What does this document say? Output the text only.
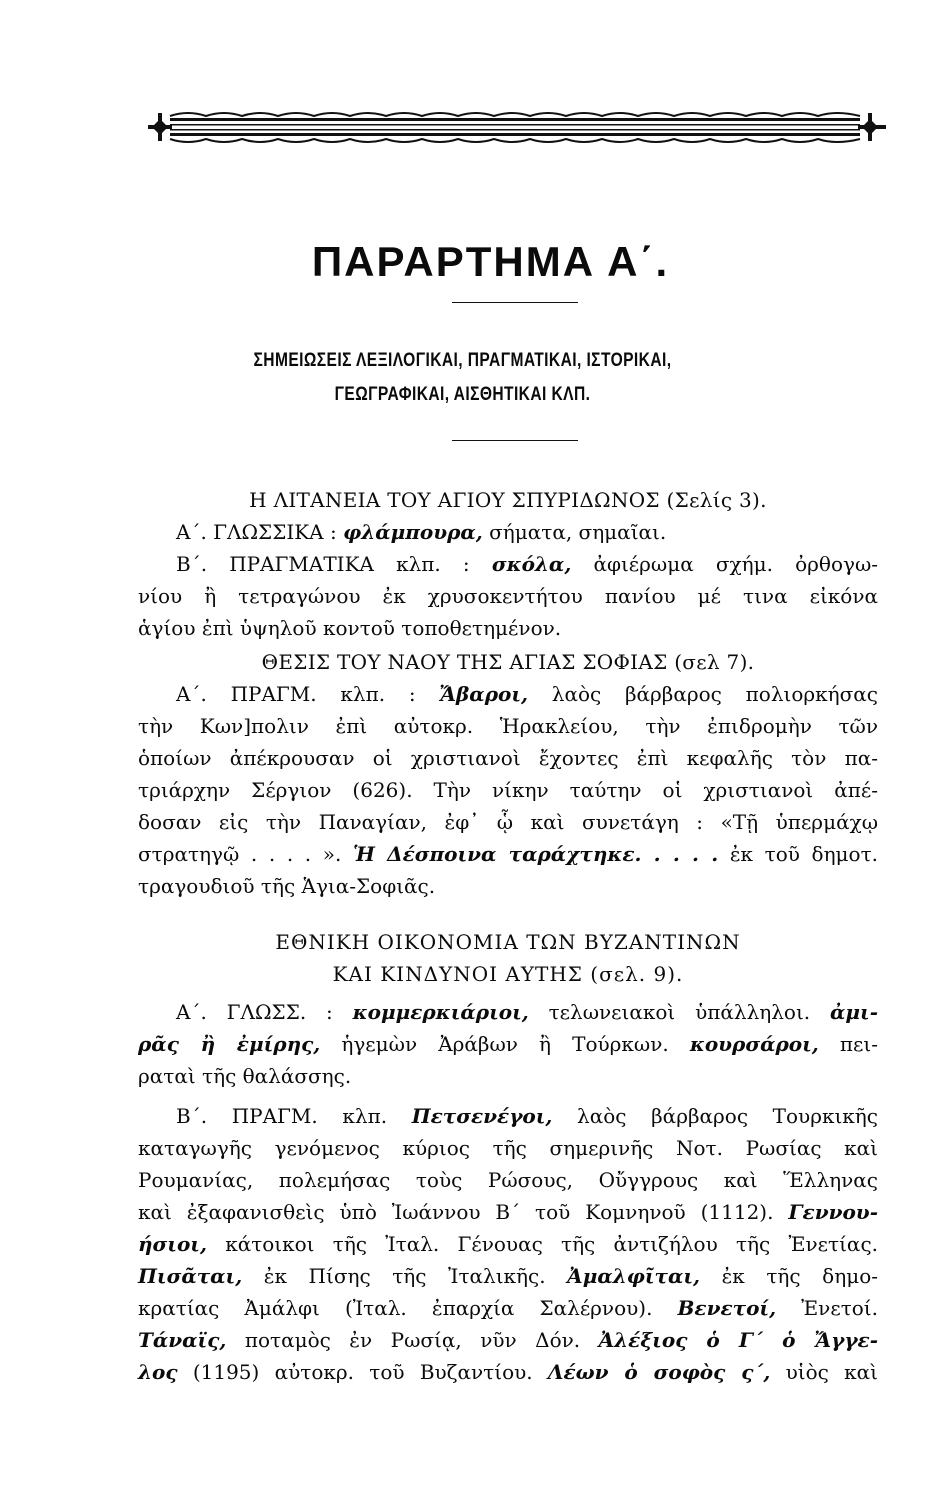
ΠΑΡΑΡΤΗΜΑ Α΄.
ΣΗΜΕΙΩΣΕΙΣ ΛΕΞΙΛΟΓΙΚΑΙ, ΠΡΑΓΜΑΤΙΚΑΙ, ΙΣΤΟΡΙΚΑΙ,
ΓΕΩΓΡΑΦΙΚΑΙ, ΑΙΣΘΗΤΙΚΑΙ ΚΛΠ.
Η ΛΙΤΑΝΕΙΑ ΤΟΥ ΑΓΙΟΥ ΣΠΥΡΙΔΩΝΟΣ (Σελίς 3).
Α΄. ΓΛΩΣΣΙΚΑ : φλάμπουρα, σήματα, σημαῖαι.
Β΄. ΠΡΑΓΜΑΤΙΚΑ κλπ. : σκόλα, ἀφιέρωμα σχήμ. ὀρθογω-
νίου ἢ τετραγώνου ἐκ χρυσοκεντήτου πανίου μέ τινα εἰκόνα
ἁγίου ἐπὶ ὑψηλοῦ κοντοῦ τοποθετημένον.
ΘΕΣΙΣ ΤΟΥ ΝΑΟΥ ΤΗΣ ΑΓΙΑΣ ΣΟΦΙΑΣ (σελ 7).
Α΄. ΠΡΑΓΜ. κλπ. : Ἄβαροι, λαὸς βάρβαρος πολιορκήσας
τὴν Κων]πολιν ἐπὶ αὐτοκρ. Ἡρακλείου, τὴν ἐπιδρομὴν τῶν
ὁποίων ἀπέκρουσαν οἱ χριστιανοὶ ἔχοντες ἐπὶ κεφαλῆς τὸν πα-
τριάρχην Σέργιον (626). Τὴν νίκην ταύτην οἱ χριστιανοὶ ἀπέ-
δοσαν εἰς τὴν Παναγίαν, ἐφ᾽ ᾧ καὶ συνετάγη : «Τῇ ὑπερμάχῳ
στρατηγῷ . . . . ». Ἡ Δέσποινα ταράχτηκε. . . . . ἐκ τοῦ δημοτ.
τραγουδιοῦ τῆς Ἁγια-Σοφιᾶς.
ΕΘΝΙΚΗ ΟΙΚΟΝΟΜΙΑ ΤΩΝ ΒΥΖΑΝΤΙΝΩΝ
ΚΑΙ ΚΙΝΔΥΝΟΙ ΑΥΤΗΣ (σελ. 9).
Α΄. ΓΛΩΣΣ. : κομμερκιάριοι, τελωνειακοὶ ὑπάλληλοι. ἀμι-
ρᾶς ἢ ἐμίρης, ἡγεμὼν Ἀράβων ἢ Τούρκων. κουρσάροι, πει-
ραταὶ τῆς θαλάσσης.
Β΄. ΠΡΑΓΜ. κλπ. Πετσενέγοι, λαὸς βάρβαρος Τουρκικῆς
καταγωγῆς γενόμενος κύριος τῆς σημερινῆς Νοτ. Ρωσίας καὶ
Ρουμανίας, πολεμήσας τοὺς Ρώσους, Οὔγγρους καὶ Ἕλληνας
καὶ ἐξαφανισθεὶς ὑπὸ Ἰωάννου Β΄ τοῦ Κομνηνοῦ (1112). Γεννου-
ήσιοι, κάτοικοι τῆς Ἰταλ. Γένουας τῆς ἀντιζήλου τῆς Ἐνετίας.
Πισᾶται, ἐκ Πίσης τῆς Ἰταλικῆς. Ἀμαλφῖται, ἐκ τῆς δημο-
κρατίας Ἀμάλφι (Ἰταλ. ἐπαρχία Σαλέρνου). Βενετοί, Ἐνετοί.
Τάναϊς, ποταμὸς ἐν Ρωσίᾳ, νῦν Δόν. Ἀλέξιος ὁ Γ΄ ὁ Ἄγγε-
λος (1195) αὐτοκρ. τοῦ Βυζαντίου. Λέων ὁ σοφὸς ς΄, υἱὸς καὶ
